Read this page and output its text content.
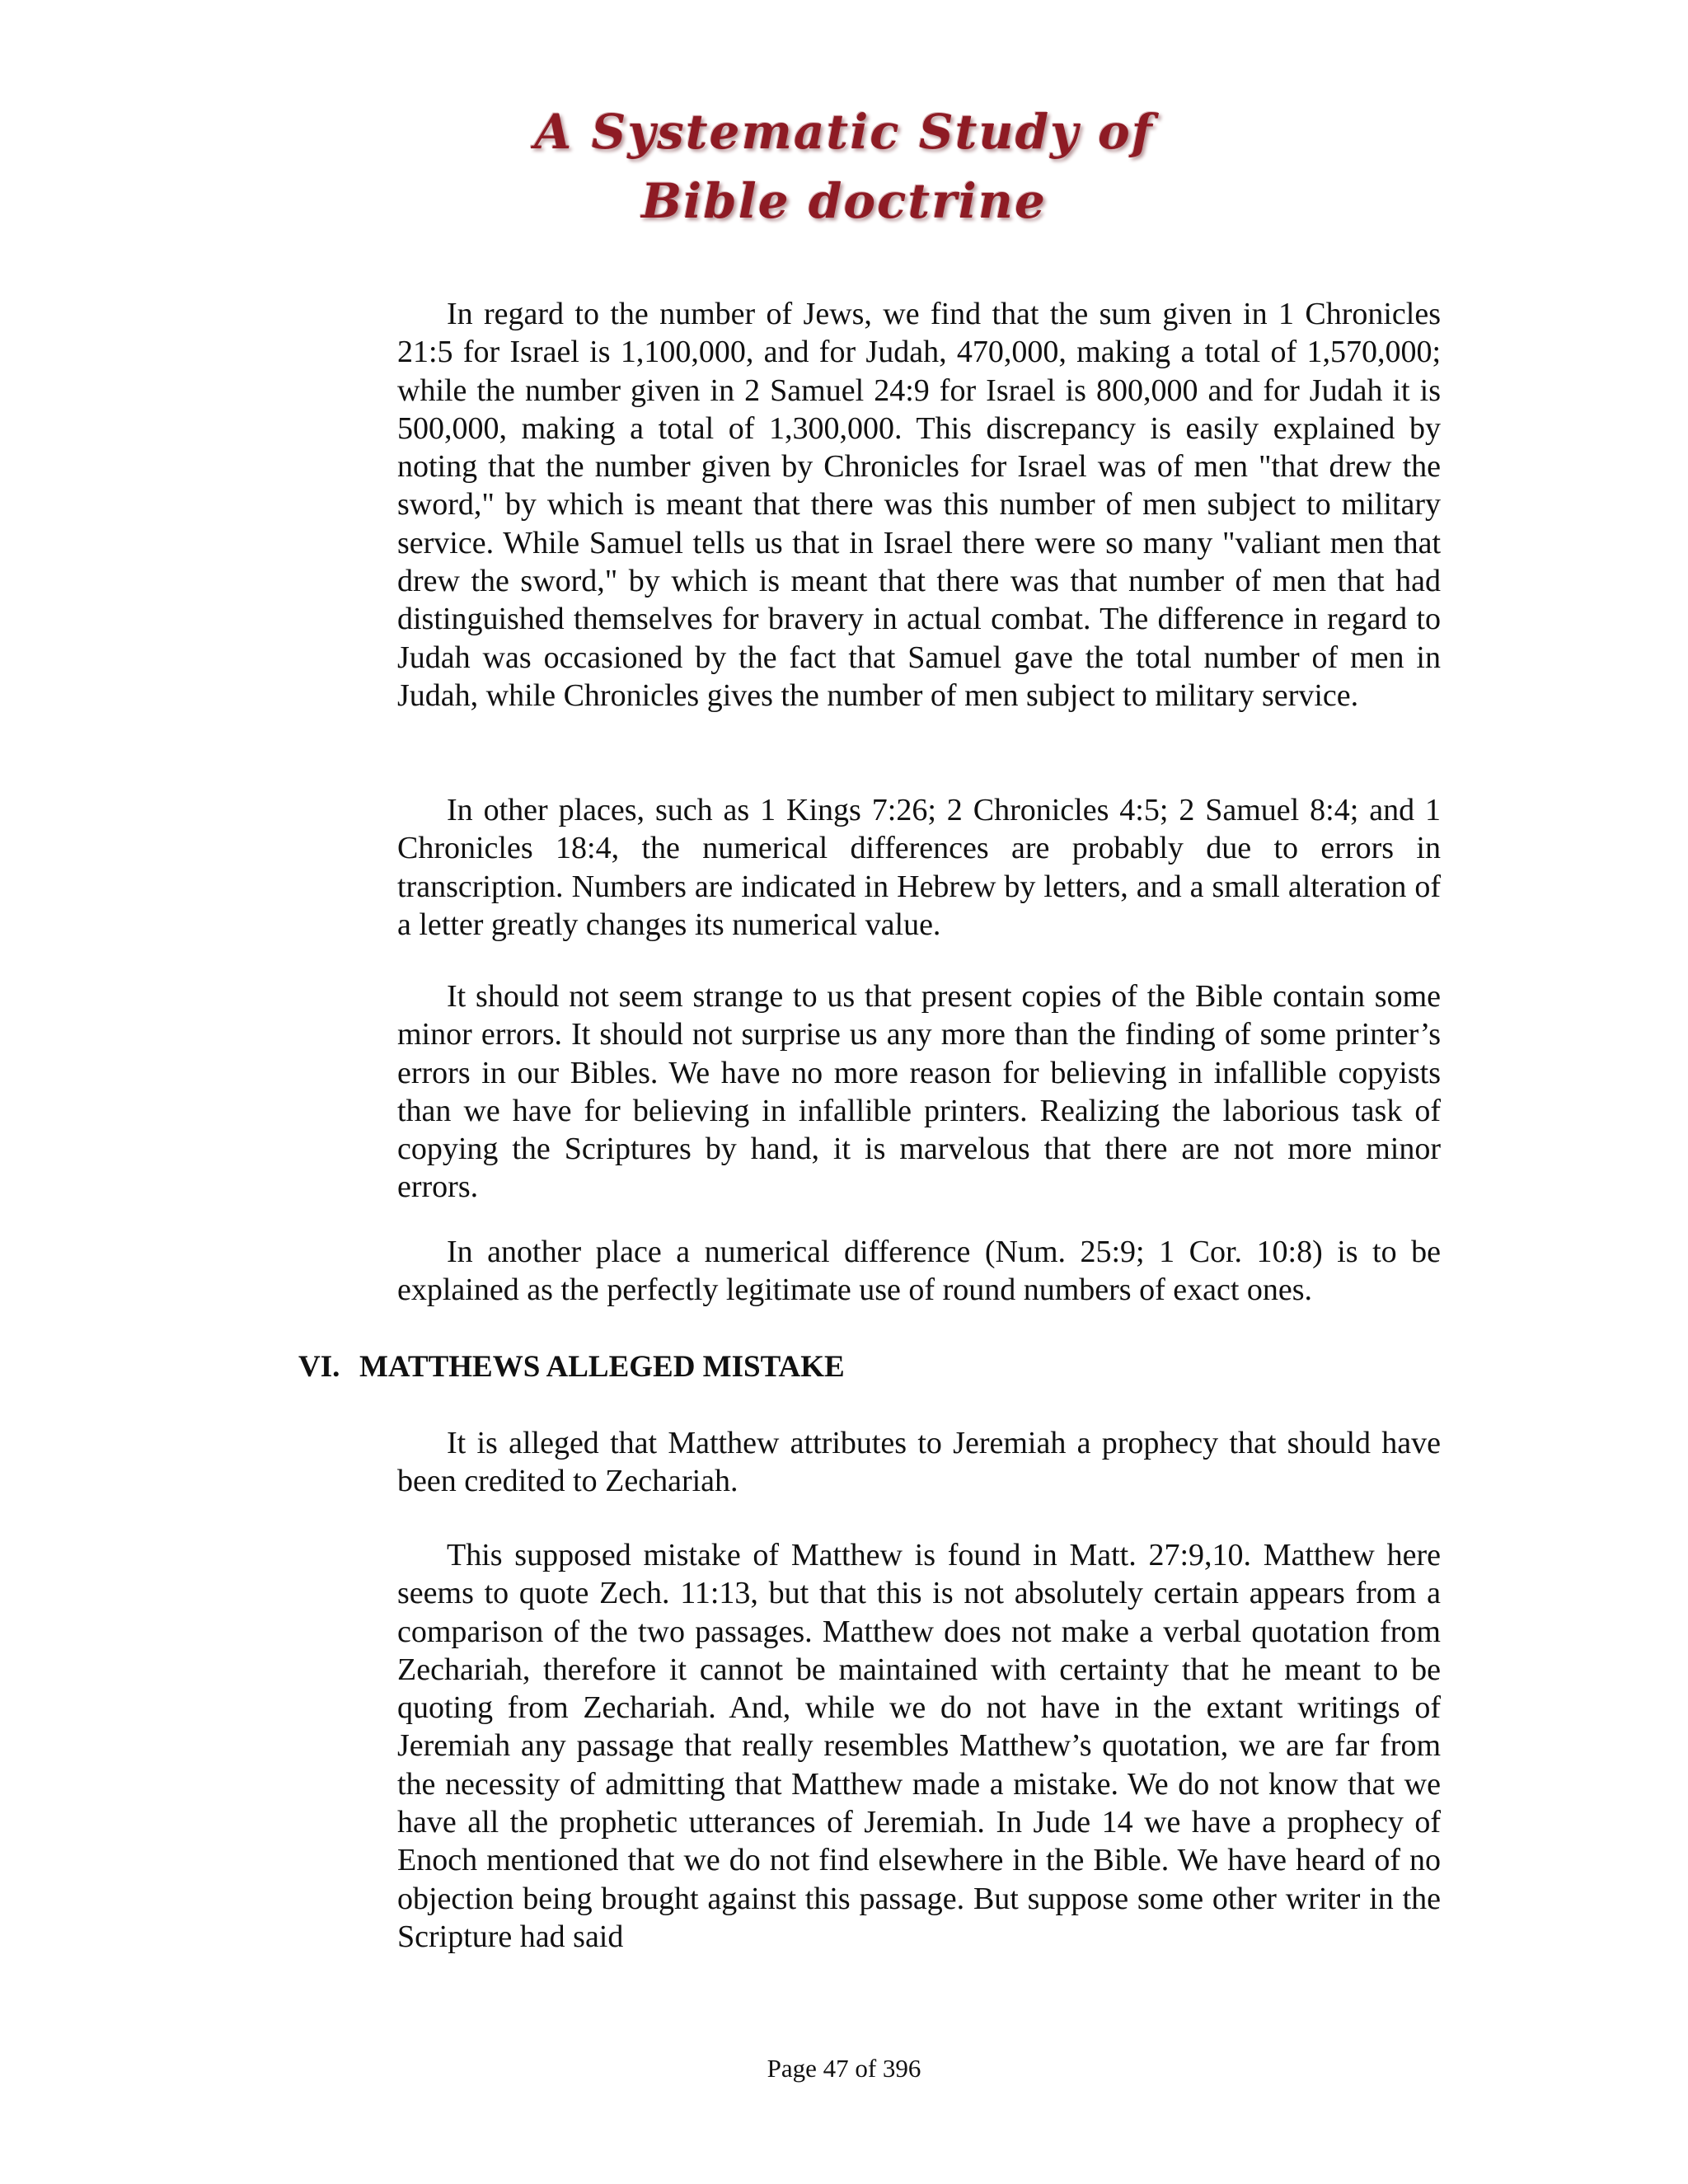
A Systematic Study of
Bible doctrine

In regard to the number of Jews, we find that the sum given in 1 Chronicles 21:5 for Israel is 1,100,000, and for Judah, 470,000, making a total of 1,570,000; while the number given in 2 Samuel 24:9 for Israel is 800,000 and for Judah it is 500,000, making a total of 1,300,000. This discrepancy is easily explained by noting that the number given by Chronicles for Israel was of men "that drew the sword," by which is meant that there was this number of men subject to military service. While Samuel tells us that in Israel there were so many "valiant men that drew the sword," by which is meant that there was that number of men that had distinguished themselves for bravery in actual combat. The difference in regard to Judah was occasioned by the fact that Samuel gave the total number of men in Judah, while Chronicles gives the number of men subject to military service.

In other places, such as 1 Kings 7:26; 2 Chronicles 4:5; 2 Samuel 8:4; and 1 Chronicles 18:4, the numerical differences are probably due to errors in transcription. Numbers are indicated in Hebrew by letters, and a small alteration of a letter greatly changes its numerical value.

It should not seem strange to us that present copies of the Bible contain some minor errors. It should not surprise us any more than the finding of some printer’s errors in our Bibles. We have no more reason for believing in infallible copyists than we have for believing in infallible printers. Realizing the laborious task of copying the Scriptures by hand, it is marvelous that there are not more minor errors.

In another place a numerical difference (Num. 25:9; 1 Cor. 10:8) is to be explained as the perfectly legitimate use of round numbers of exact ones.

VI. MATTHEWS ALLEGED MISTAKE

It is alleged that Matthew attributes to Jeremiah a prophecy that should have been credited to Zechariah.

This supposed mistake of Matthew is found in Matt. 27:9,10. Matthew here seems to quote Zech. 11:13, but that this is not absolutely certain appears from a comparison of the two passages. Matthew does not make a verbal quotation from Zechariah, therefore it cannot be maintained with certainty that he meant to be quoting from Zechariah. And, while we do not have in the extant writings of Jeremiah any passage that really resembles Matthew’s quotation, we are far from the necessity of admitting that Matthew made a mistake. We do not know that we have all the prophetic utterances of Jeremiah. In Jude 14 we have a prophecy of Enoch mentioned that we do not find elsewhere in the Bible. We have heard of no objection being brought against this passage. But suppose some other writer in the Scripture had said

Page 47 of 396
